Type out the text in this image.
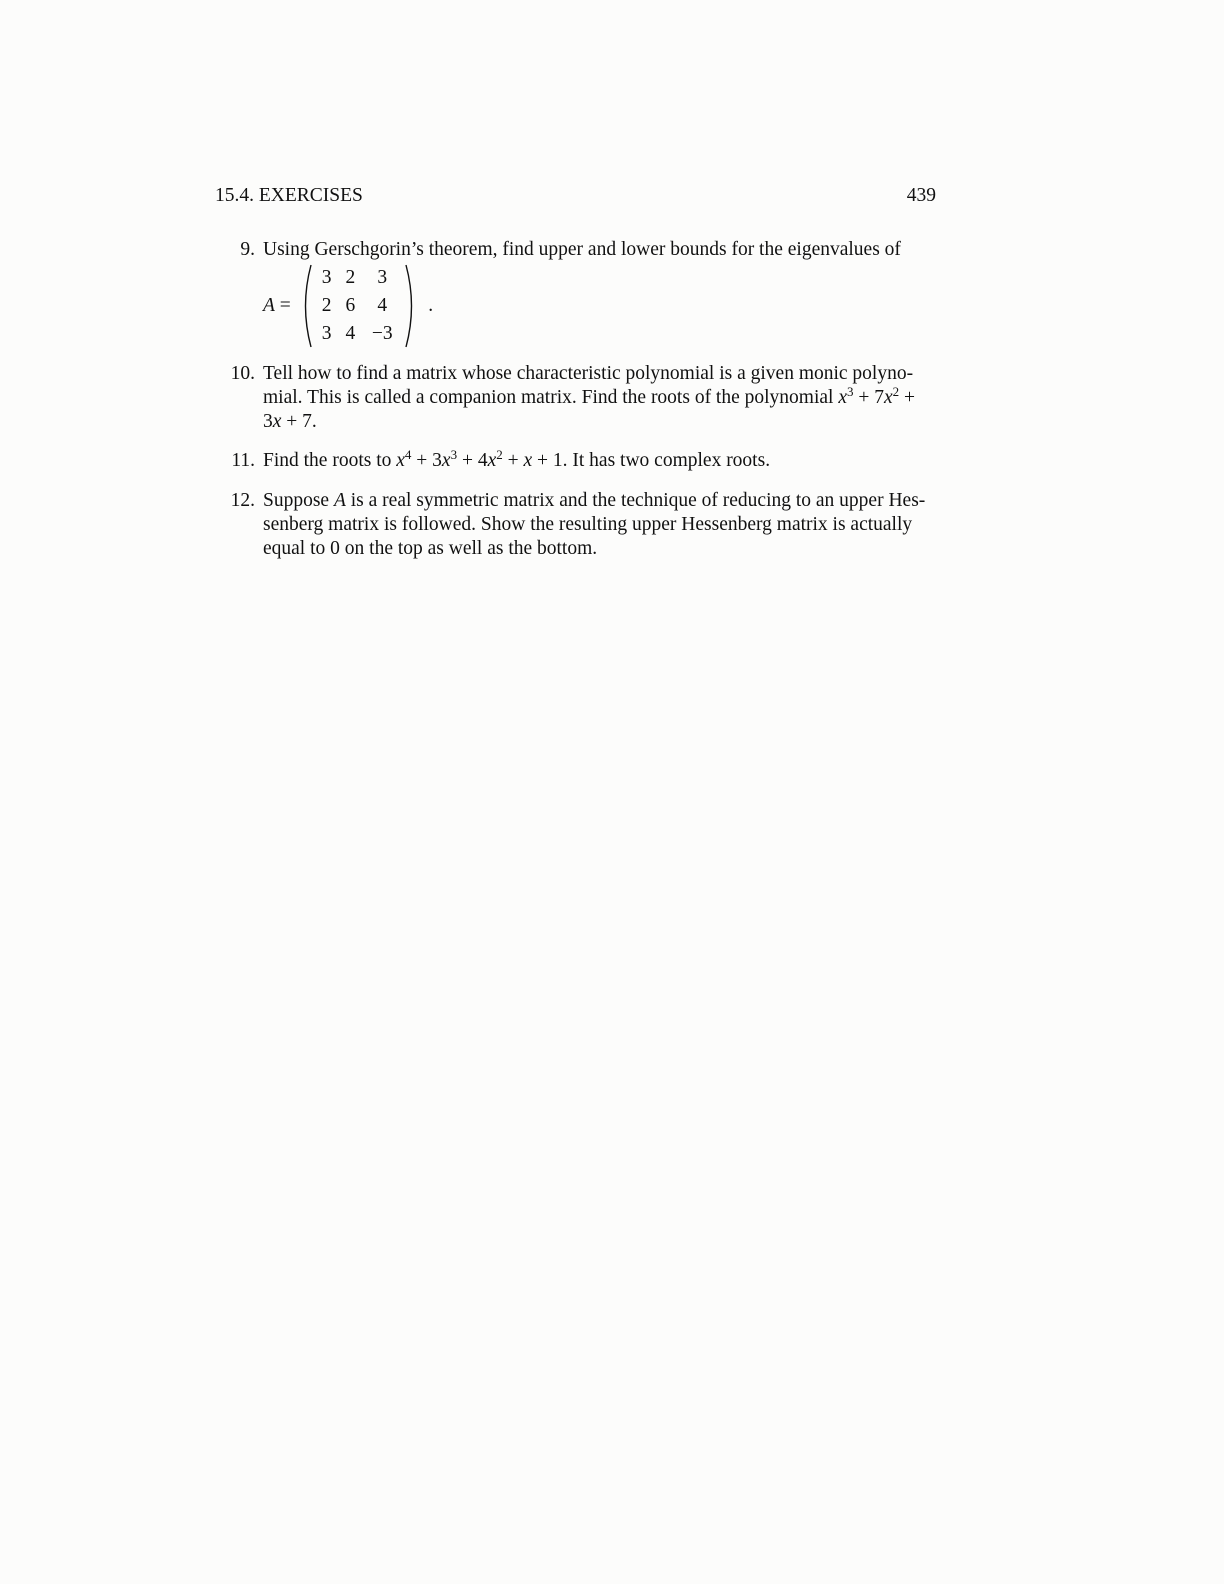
15.4. EXERCISES	439
9. Using Gerschgorin’s theorem, find upper and lower bounds for the eigenvalues of

A =
3	2	3
2	6	4
3	4	−3
.
10. Tell how to find a matrix whose characteristic polynomial is a given monic polyno-

mial. This is called a companion matrix. Find the roots of the polynomial $x^3 + 7x^2$ +

3x + 7.

11. Find the roots to $x^4 + 3x^3 + 4x^2 + x + 1$. It has two complex roots.

12. Suppose A is a real symmetric matrix and the technique of reducing to an upper Hes-

senberg matrix is followed. Show the resulting upper Hessenberg matrix is actually

equal to 0 on the top as well as the bottom.
